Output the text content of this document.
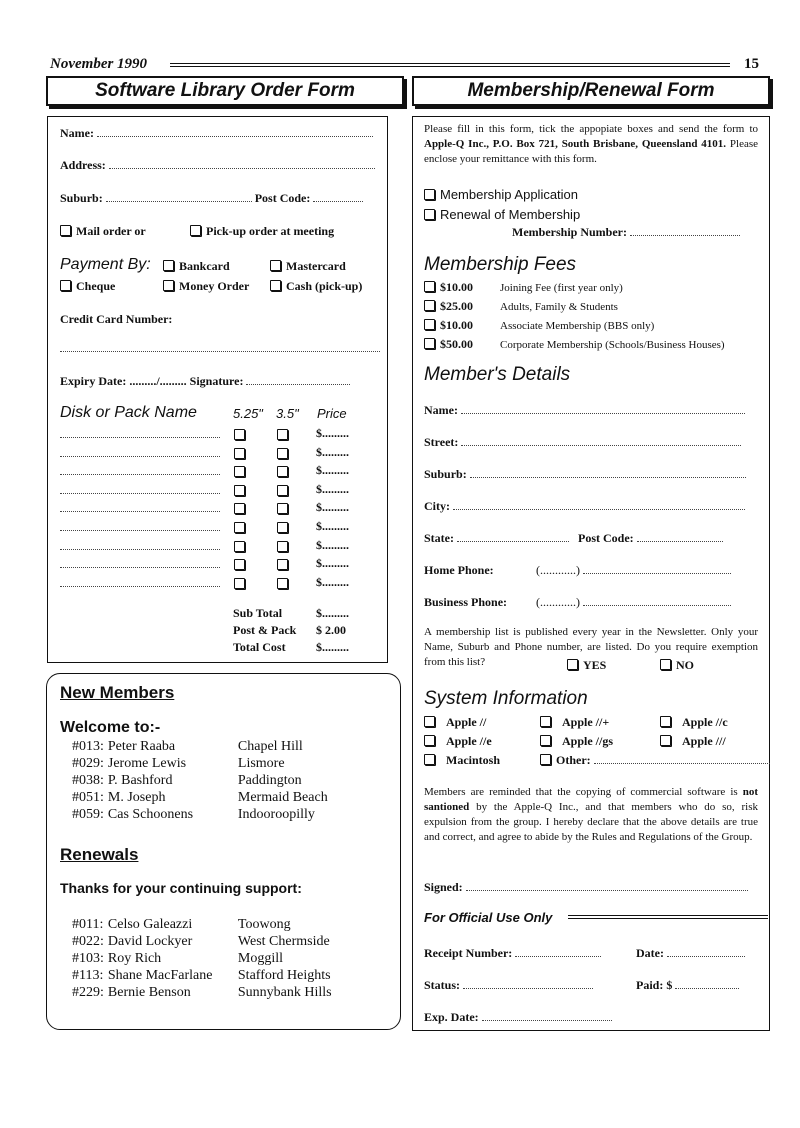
November 1990	15
Software Library Order Form
Name:
Address:
Suburb:	Post Code:
Mail order or	Pick-up order at meeting
Payment By:	Bankcard	Mastercard
Cheque	Money Order	Cash (pick-up)
Credit Card Number:
Expiry Date: ........./......... Signature:
Disk or Pack Name	5.25" 3.5" Price
$.........
$.........
$.........
$.........
$.........
$.........
$.........
$.........
$.........
Sub Total	$.........
Post & Pack $ 2.00
Total Cost	$.........
New Members
Welcome to:-
#013:	Peter Raaba	Chapel Hill
#029:	Jerome Lewis	Lismore
#038:	P. Bashford	Paddington
#051:	M. Joseph	Mermaid Beach
#059:	Cas Schoonens	Indooroopilly
Renewals
Thanks for your continuing support:
#011:	Celso Galeazzi	Toowong
#022:	David Lockyer	West Chermside
#103:	Roy Rich	Moggill
#113:	Shane MacFarlane	Stafford Heights
#229:	Bernie Benson	Sunnybank Hills
Membership/Renewal Form
Please fill in this form, tick the appopiate boxes and send the form to Apple-Q Inc., P.O. Box 721, South Brisbane, Queensland 4101. Please enclose your remittance with this form.
Membership Application
Renewal of Membership
Membership Number:
Membership Fees
$10.00 Joining Fee (first year only)
$25.00 Adults, Family & Students
$10.00 Associate Membership (BBS only)
$50.00 Corporate Membership (Schools/Business Houses)
Member's Details
Name:
Street:
Suburb:
City:
State:	Post Code:
Home Phone:	(............)
Business Phone: (............)
A membership list is published every year in the Newsletter. Only your Name, Suburb and Phone number, are listed. Do you require exemption from this list?	YES	NO
System Information
Apple //	Apple //+	Apple //c
Apple //e	Apple //gs	Apple ///
Macintosh	Other:
Members are reminded that the copying of commercial software is not santioned by the Apple-Q Inc., and that members who do so, risk expulsion from the group. I hereby declare that the above details are true and correct, and agree to abide by the Rules and Regulations of the Group.
Signed:
For Official Use Only
Receipt Number:	Date:
Status:	Paid: $
Exp. Date:
